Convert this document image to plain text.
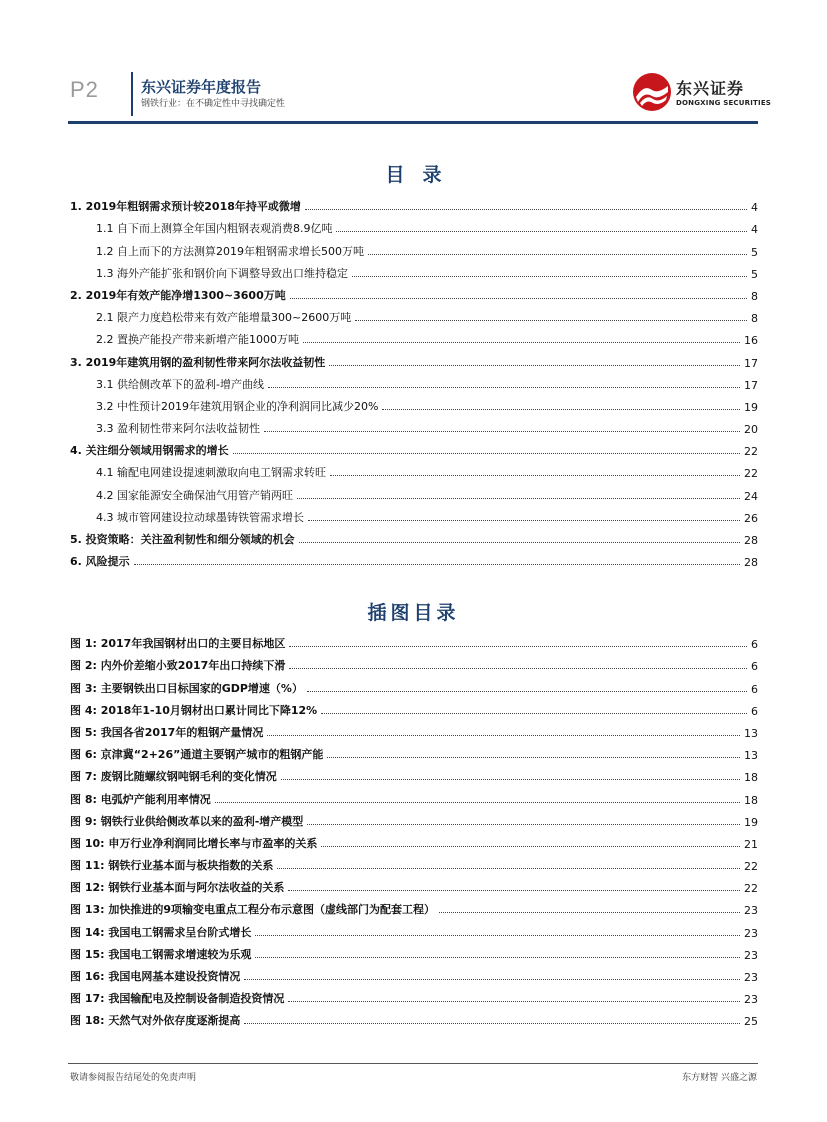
P2	东兴证券年度报告
钢铁行业：在不确定性中寻找确定性
东兴证券
DONGXING SECURITIES
目录
1. 2019年粗钢需求预计较2018年持平或微增	4
1.1 自下而上测算全年国内粗钢表观消费8.9亿吨	4
1.2 自上而下的方法测算2019年粗钢需求增长500万吨	5
1.3 海外产能扩张和钢价向下调整导致出口维持稳定	5
2. 2019年有效产能净增1300~3600万吨	8
2.1 限产力度趋松带来有效产能增量300~2600万吨	8
2.2 置换产能投产带来新增产能1000万吨	16
3. 2019年建筑用钢的盈利韧性带来阿尔法收益韧性	17
3.1 供给侧改革下的盈利-增产曲线	17
3.2 中性预计2019年建筑用钢企业的净利润同比减少20%	19
3.3 盈利韧性带来阿尔法收益韧性	20
4. 关注细分领域用钢需求的增长	22
4.1 输配电网建设提速刺激取向电工钢需求转旺	22
4.2 国家能源安全确保油气用管产销两旺	24
4.3 城市管网建设拉动球墨铸铁管需求增长	26
5. 投资策略：关注盈利韧性和细分领域的机会	28
6. 风险提示	28
插图目录
图 1: 2017年我国钢材出口的主要目标地区	6
图 2: 内外价差缩小致2017年出口持续下滑	6
图 3: 主要钢铁出口目标国家的GDP增速（%）	6
图 4: 2018年1-10月钢材出口累计同比下降12%	6
图 5: 我国各省2017年的粗钢产量情况	13
图 6: 京津冀“2+26”通道主要钢产城市的粗钢产能	13
图 7: 废钢比随螺纹钢吨钢毛利的变化情况	18
图 8: 电弧炉产能利用率情况	18
图 9: 钢铁行业供给侧改革以来的盈利-增产模型	19
图 10: 申万行业净利润同比增长率与市盈率的关系	21
图 11: 钢铁行业基本面与板块指数的关系	22
图 12: 钢铁行业基本面与阿尔法收益的关系	22
图 13: 加快推进的9项输变电重点工程分布示意图（虚线部门为配套工程）	23
图 14: 我国电工钢需求呈台阶式增长	23
图 15: 我国电工钢需求增速较为乐观	23
图 16: 我国电网基本建设投资情况	23
图 17: 我国输配电及控制设备制造投资情况	23
图 18: 天然气对外依存度逐渐提高	25
敬请参阅报告结尾处的免责声明	东方财智 兴盛之源
